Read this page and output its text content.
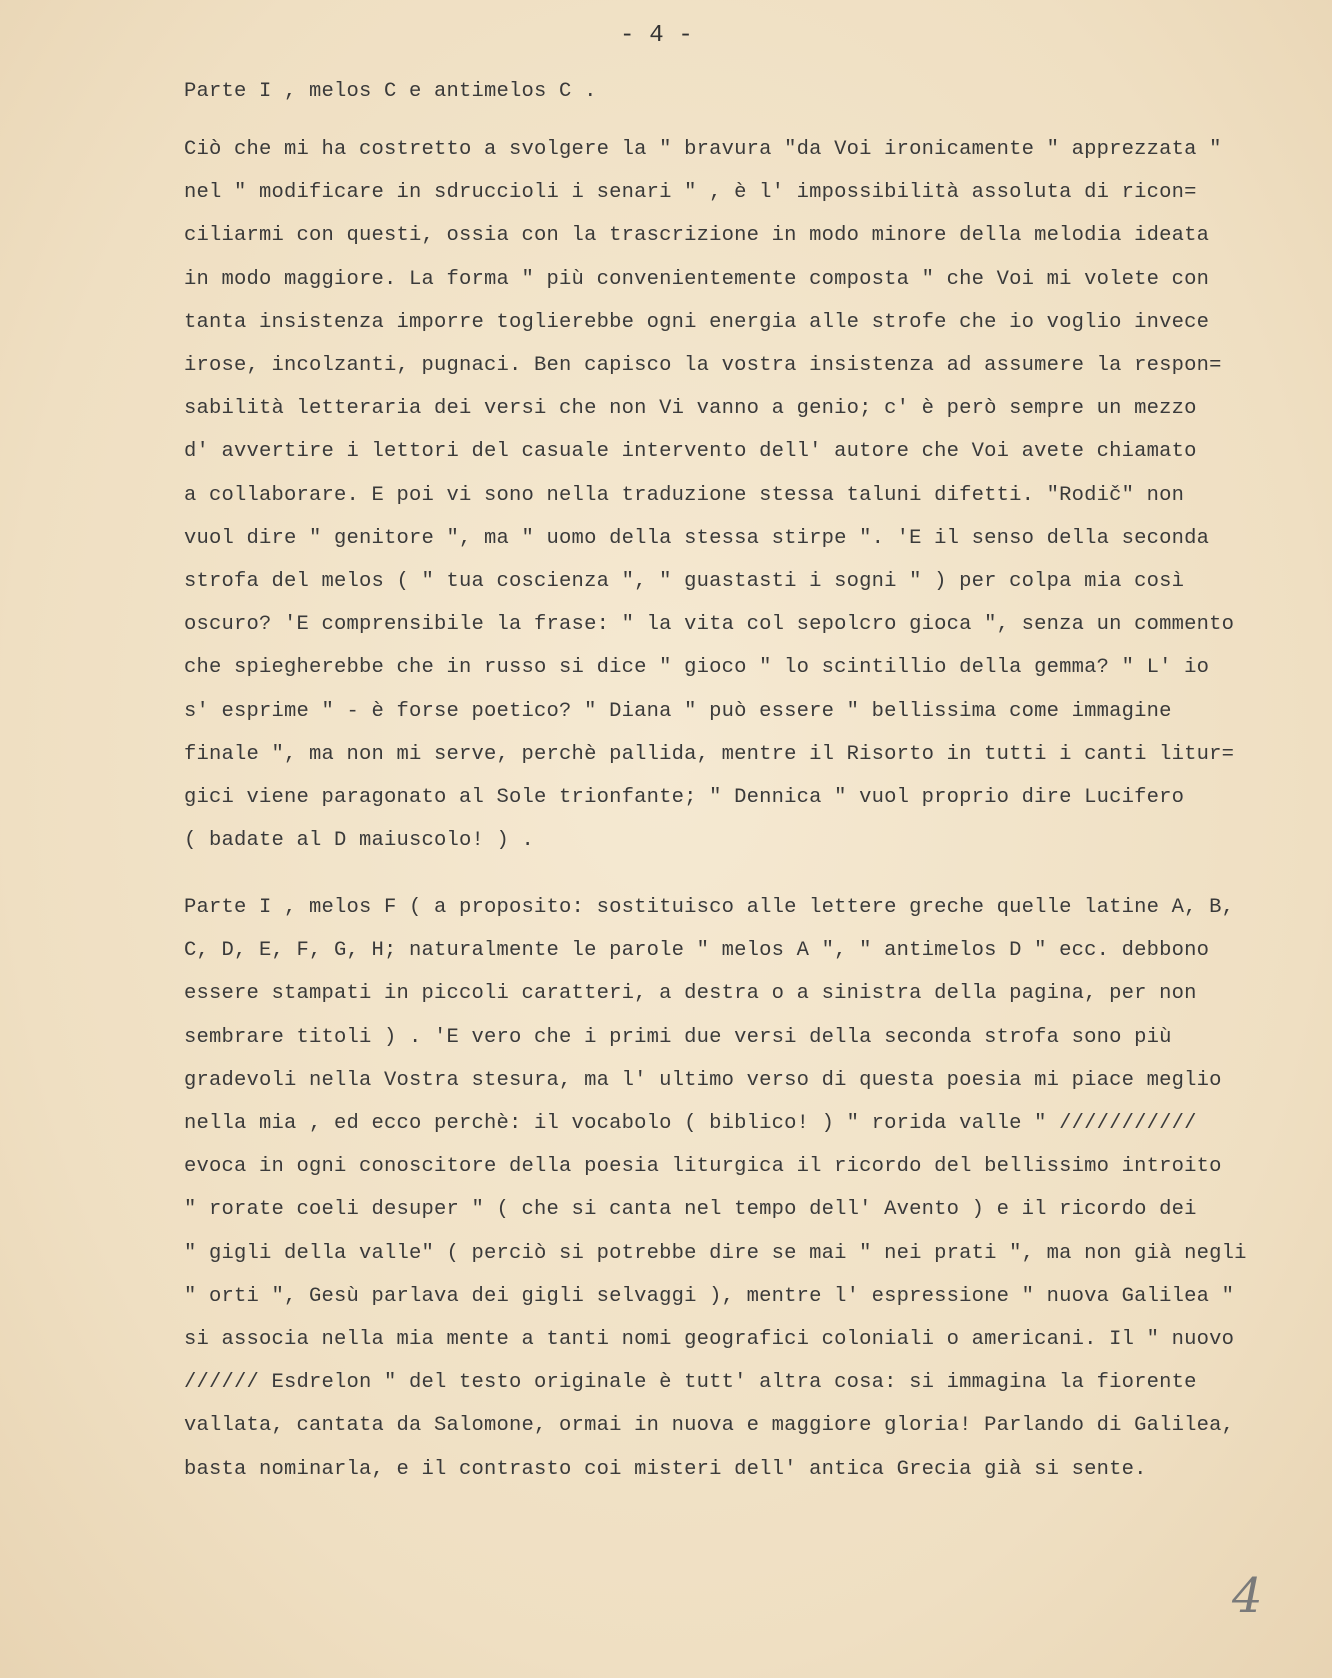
- 4 -
Parte I , melos C e antimelos C .
Ciò che mi ha costretto a svolgere la " bravura "da Voi ironicamente " apprezzata "
nel " modificare in sdruccioli i senari " , è l' impossibilità assoluta di ricon=
ciliarmi con questi, ossia con la trascrizione in modo minore della melodia ideata
in modo maggiore. La forma " più convenientemente composta " che Voi mi volete con
tanta insistenza imporre toglierebbe ogni energia alle strofe che io voglio invece
irose, incolzanti, pugnaci. Ben capisco la vostra insistenza ad assumere la respon=
sabilità letteraria dei versi che non Vi vanno a genio; c' è però sempre un mezzo
d' avvertire i lettori del casuale intervento dell' autore che Voi avete chiamato
a collaborare. E poi vi sono nella traduzione stessa taluni difetti. "Rodič" non
vuol dire " genitore ", ma " uomo della stessa stirpe ". 'E il senso della seconda
strofa del melos ( " tua coscienza ", " guastasti i sogni " ) per colpa mia così
oscuro? 'E comprensibile la frase: " la vita col sepolcro gioca ", senza un commento
che spiegherebbe che in russo si dice " gioco " lo scintillio della gemma? " L' io
s' esprime " - è forse poetico? " Diana " può essere " bellissima come immagine
finale ", ma non mi serve, perchè pallida, mentre il Risorto in tutti i canti litur=
gici viene paragonato al Sole trionfante; " Dennica " vuol proprio dire Lucifero
( badate al D maiuscolo! ) .
Parte I , melos F ( a proposito: sostituisco alle lettere greche quelle latine A, B,
C, D, E, F, G, H; naturalmente le parole " melos A ", " antimelos D " ecc. debbono
essere stampati in piccoli caratteri, a destra o a sinistra della pagina, per non
sembrare titoli ) . 'E vero che i primi due versi della seconda strofa sono più
gradevoli nella Vostra stesura, ma l' ultimo verso di questa poesia mi piace meglio
nella mia , ed ecco perchè: il vocabolo ( biblico! ) " rorida valle " ///////////
evoca in ogni conoscitore della poesia liturgica il ricordo del bellissimo introito
" rorate coeli desuper " ( che si canta nel tempo dell' Avento ) e il ricordo dei
" gigli della valle" ( perciò si potrebbe dire se mai " nei prati ", ma non già negli
" orti ", Gesù parlava dei gigli selvaggi ), mentre l' espressione " nuova Galilea "
si associa nella mia mente a tanti nomi geografici coloniali o americani. Il " nuovo
////// Esdrelon " del testo originale è tutt' altra cosa: si immagina la fiorente
vallata, cantata da Salomone, ormai in nuova e maggiore gloria! Parlando di Galilea,
basta nominarla, e il contrasto coi misteri dell' antica Grecia già si sente.
4
